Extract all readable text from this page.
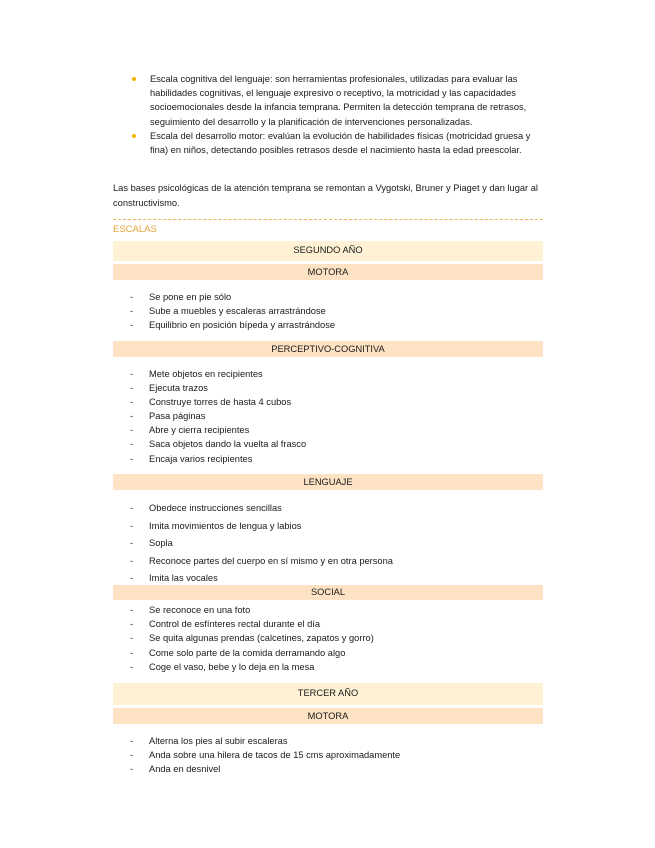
Escala cognitiva del lenguaje: son herramientas profesionales, utilizadas para evaluar las habilidades cognitivas, el lenguaje expresivo o receptivo, la motricidad y las capacidades socioemocionales desde la infancia temprana. Permiten la detección temprana de retrasos, seguimiento del desarrollo y la planificación de intervenciones personalizadas.
Escala del desarrollo motor: evalúan la evolución de habilidades físicas (motricidad gruesa y fina) en niños, detectando posibles retrasos desde el nacimiento hasta la edad preescolar.

Las bases psicológicas de la atención temprana se remontan a Vygotski, Bruner y Piaget y dan lugar al constructivismo.

ESCALAS
SEGUNDO AÑO
MOTORA
- Se pone en pie sólo
- Sube a muebles y escaleras arrastrándose
- Equilibrio en posición bípeda y arrastrándose
PERCEPTIVO-COGNITIVA
- Mete objetos en recipientes
- Ejecuta trazos
- Construye torres de hasta 4 cubos
- Pasa páginas
- Abre y cierra recipientes
- Saca objetos dando la vuelta al frasco
- Encaja varios recipientes
LENGUAJE
- Obedece instrucciones sencillas
- Imita movimientos de lengua y labios
- Sopla
- Reconoce partes del cuerpo en sí mismo y en otra persona
- Imita las vocales
SOCIAL
- Se reconoce en una foto
- Control de esfínteres rectal durante el día
- Se quita algunas prendas (calcetines, zapatos y gorro)
- Come solo parte de la comida derramando algo
- Coge el vaso, bebe y lo deja en la mesa
TERCER AÑO
MOTORA
- Alterna los pies al subir escaleras
- Anda sobre una hilera de tacos de 15 cms aproximadamente
- Anda en desnivel
